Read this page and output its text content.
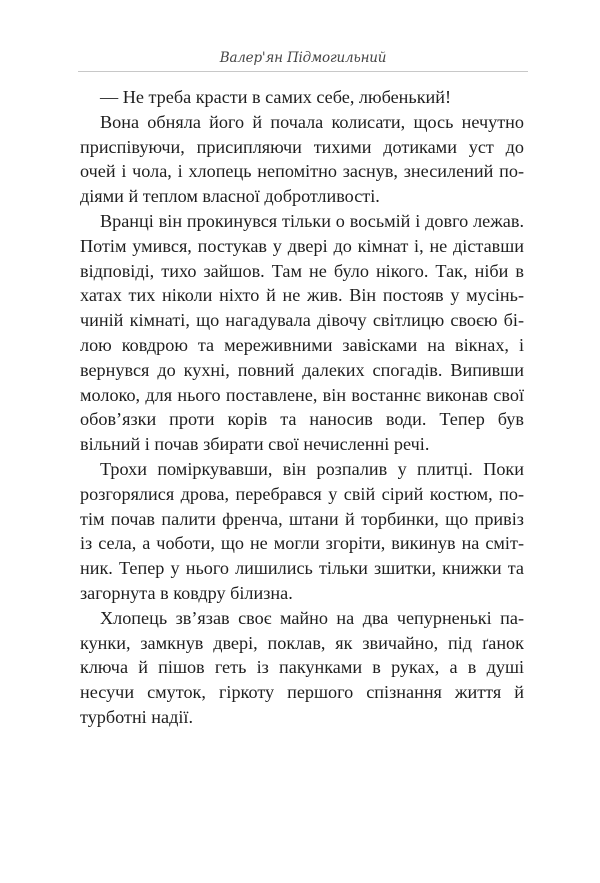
Валер'ян Підмогильний

— Не треба красти в самих себе, любенький!

Вона обняла його й почала колисати, щось нечутно приспівуючи, присипляючи тихими дотиками уст до очей і чола, і хлопець непомітно заснув, знесилений подіями й теплом власної добротливості.

Вранці він прокинувся тільки о восьмій і довго лежав. Потім умився, постукав у двері до кімнат і, не діставши відповіді, тихо зайшов. Там не було нікого. Так, ніби в хатах тих ніколи ніхто й не жив. Він постояв у мусіньчиній кімнаті, що нагадувала дівочу світлицю своєю білою ковдрою та мереживними завісками на вікнах, і вернувся до кухні, повний далеких спогадів. Випивши молоко, для нього поставлене, він востаннє виконав свої обов’язки проти корів та наносив води. Тепер був вільний і почав збирати свої нечисленні речі.

Трохи поміркувавши, він розпалив у плитці. Поки розгорялися дрова, перебрався у свій сірий костюм, потім почав палити френча, штани й торбинки, що привіз із села, а чоботи, що не могли згоріти, викинув на смітник. Тепер у нього лишились тільки зшитки, книжки та загорнута в ковдру білизна.

Хлопець зв’язав своє майно на два чепурненькі пакунки, замкнув двері, поклав, як звичайно, під ґанок ключа й пішов геть із пакунками в руках, а в душі несучи смуток, гіркоту першого спізнання життя й турботні надії.
